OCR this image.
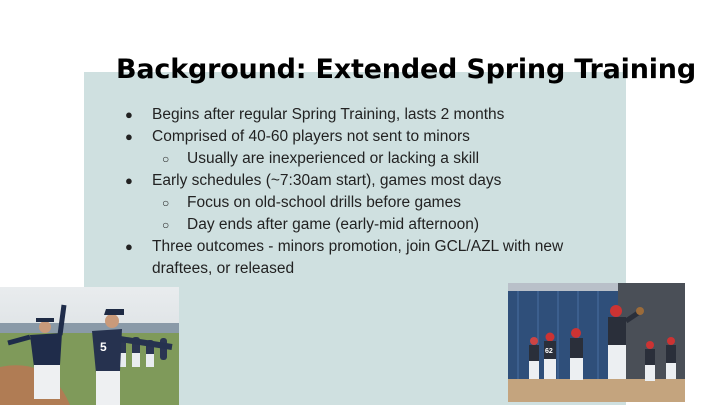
Background: Extended Spring Training
● Begins after regular Spring Training, lasts 2 months
● Comprised of 40-60 players not sent to minors
○ Usually are inexperienced or lacking a skill
● Early schedules (~7:30am start), games most days
○ Focus on old-school drills before games
○ Day ends after game (early-mid afternoon)
● Three outcomes - minors promotion, join GCL/AZL with new draftees, or released
5	62
